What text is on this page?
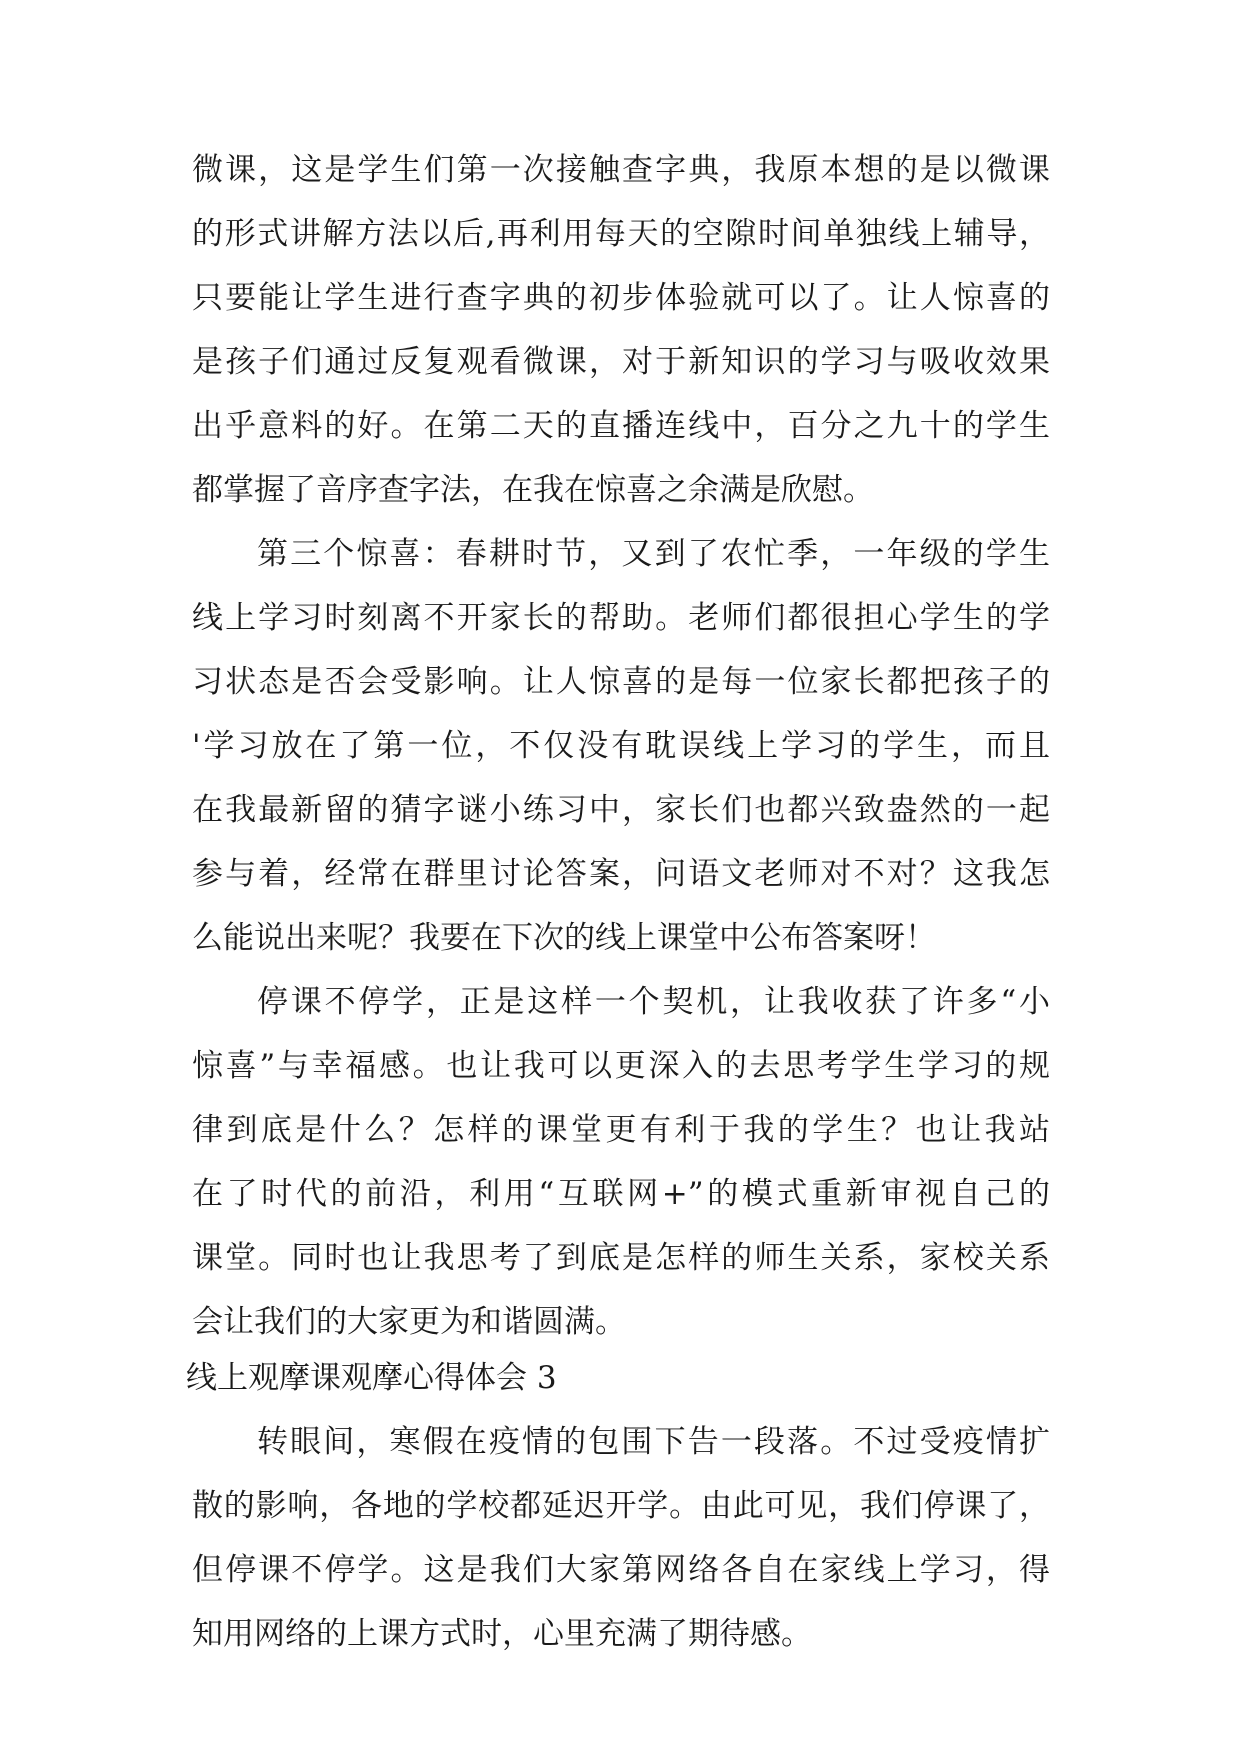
微课，这是学生们第一次接触查字典，我原本想的是以微课
的形式讲解方法以后,再利用每天的空隙时间单独线上辅导，
只要能让学生进行查字典的初步体验就可以了。让人惊喜的
是孩子们通过反复观看微课，对于新知识的学习与吸收效果
出乎意料的好。在第二天的直播连线中，百分之九十的学生
都掌握了音序查字法，在我在惊喜之余满是欣慰。
第三个惊喜：春耕时节，又到了农忙季，一年级的学生
线上学习时刻离不开家长的帮助。老师们都很担心学生的学
习状态是否会受影响。让人惊喜的是每一位家长都把孩子的
'学习放在了第一位，不仅没有耽误线上学习的学生，而且
在我最新留的猜字谜小练习中，家长们也都兴致盎然的一起
参与着，经常在群里讨论答案，问语文老师对不对？这我怎
么能说出来呢？我要在下次的线上课堂中公布答案呀！
停课不停学，正是这样一个契机，让我收获了许多“小
惊喜”与幸福感。也让我可以更深入的去思考学生学习的规
律到底是什么？怎样的课堂更有利于我的学生？也让我站
在了时代的前沿，利用“互联网+”的模式重新审视自己的
课堂。同时也让我思考了到底是怎样的师生关系，家校关系
会让我们的大家更为和谐圆满。
线上观摩课观摩心得体会 3
转眼间，寒假在疫情的包围下告一段落。不过受疫情扩
散的影响，各地的学校都延迟开学。由此可见，我们停课了，
但停课不停学。这是我们大家第网络各自在家线上学习，得
知用网络的上课方式时，心里充满了期待感。
